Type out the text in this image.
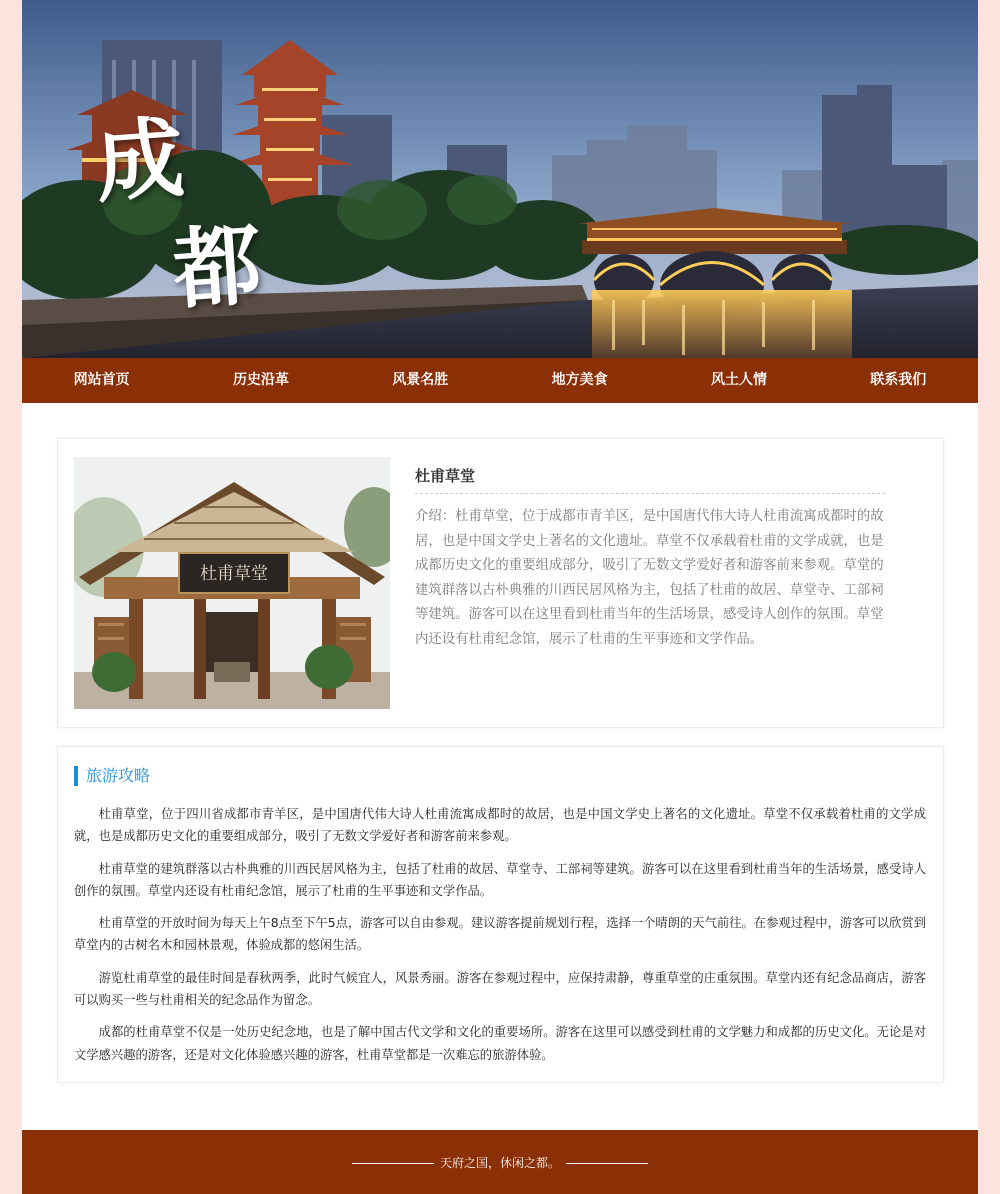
成
都
网站首页	历史沿革	风景名胜	地方美食	风土人情	联系我们
杜甫草堂
杜甫草堂

介绍：杜甫草堂，位于成都市青羊区，是中国唐代伟大诗人杜甫流寓成都时的故居，也是中国文学史上著名的文化遗址。草堂不仅承载着杜甫的文学成就，也是成都历史文化的重要组成部分，吸引了无数文学爱好者和游客前来参观。草堂的建筑群落以古朴典雅的川西民居风格为主，包括了杜甫的故居、草堂寺、工部祠等建筑。游客可以在这里看到杜甫当年的生活场景，感受诗人创作的氛围。草堂内还设有杜甫纪念馆，展示了杜甫的生平事迹和文学作品。

旅游攻略

杜甫草堂，位于四川省成都市青羊区，是中国唐代伟大诗人杜甫流寓成都时的故居，也是中国文学史上著名的文化遗址。草堂不仅承载着杜甫的文学成就，也是成都历史文化的重要组成部分，吸引了无数文学爱好者和游客前来参观。

杜甫草堂的建筑群落以古朴典雅的川西民居风格为主，包括了杜甫的故居、草堂寺、工部祠等建筑。游客可以在这里看到杜甫当年的生活场景，感受诗人创作的氛围。草堂内还设有杜甫纪念馆，展示了杜甫的生平事迹和文学作品。

杜甫草堂的开放时间为每天上午8点至下午5点，游客可以自由参观。建议游客提前规划行程，选择一个晴朗的天气前往。在参观过程中，游客可以欣赏到草堂内的古树名木和园林景观，体验成都的悠闲生活。

游览杜甫草堂的最佳时间是春秋两季，此时气候宜人，风景秀丽。游客在参观过程中，应保持肃静，尊重草堂的庄重氛围。草堂内还有纪念品商店，游客可以购买一些与杜甫相关的纪念品作为留念。

成都的杜甫草堂不仅是一处历史纪念地，也是了解中国古代文学和文化的重要场所。游客在这里可以感受到杜甫的文学魅力和成都的历史文化。无论是对文学感兴趣的游客，还是对文化体验感兴趣的游客，杜甫草堂都是一次难忘的旅游体验。

天府之国，休闲之都。
